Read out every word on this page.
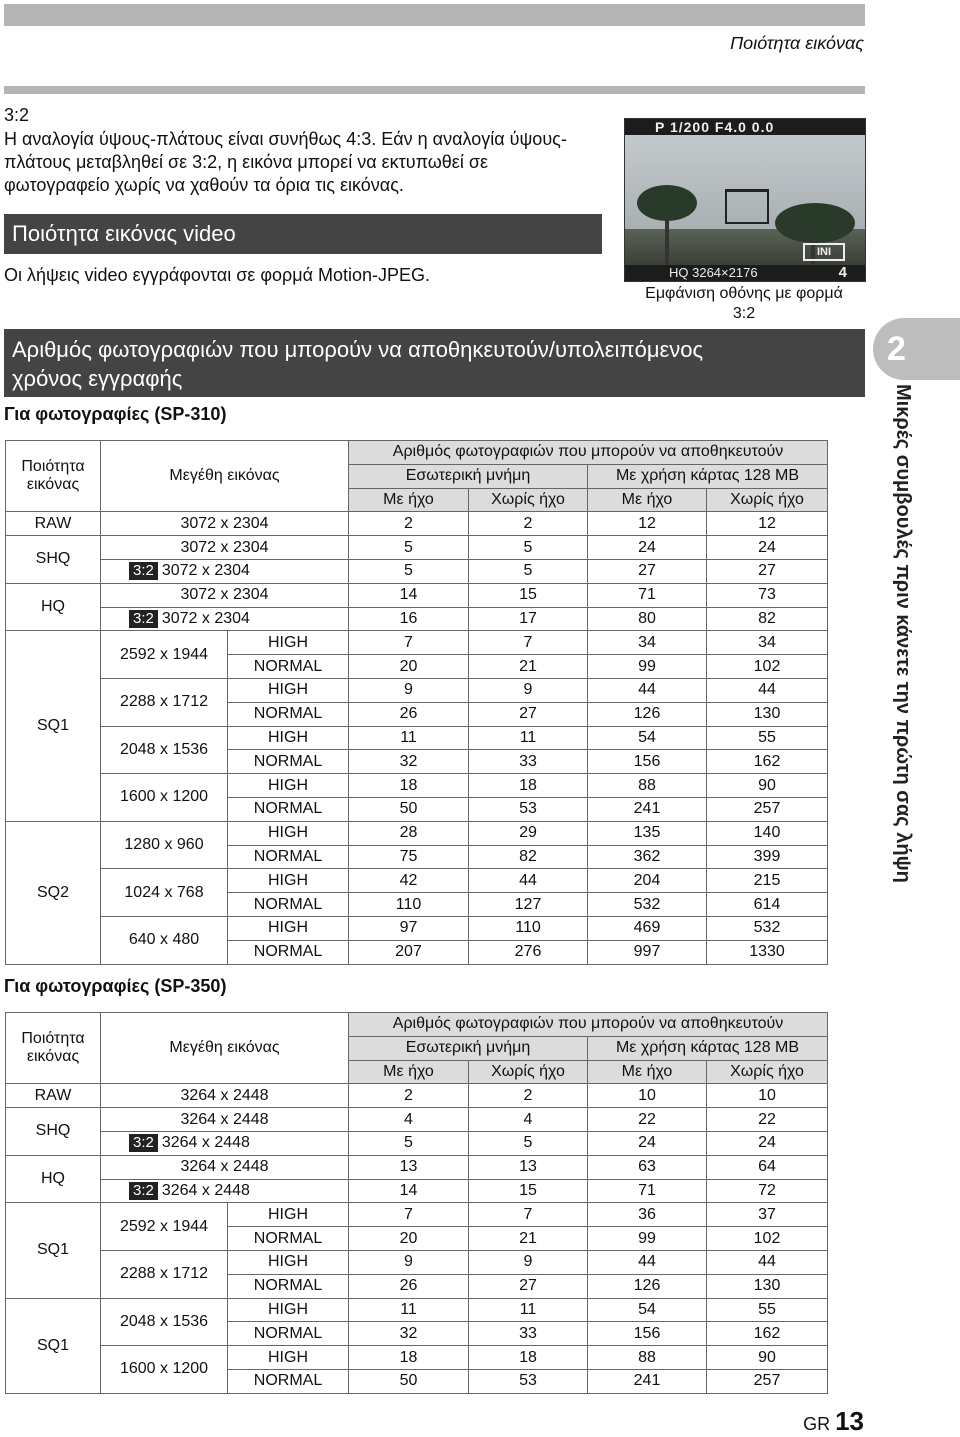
Ποιότητα εικόνας
3:2
Η αναλογία ύψους-πλάτους είναι συνήθως 4:3. Εάν η αναλογία ύψους-
πλάτους μεταβληθεί σε 3:2, η εικόνα μπορεί να εκτυπωθεί σε
φωτογραφείο χωρίς να χαθούν τα όρια τις εικόνας.
Ποιότητα εικόνας video
Οι λήψεις video εγγράφονται σε φορμά Motion-JPEG.
P 1/200 F4.0 0.0
INI
HQ 3264×2176	4
Εμφάνιση οθόνης με φορμά
3:2
Αριθμός φωτογραφιών που μπορούν να αποθηκευτούν/υπολειπόμενος
χρόνος εγγραφής
Για φωτογραφίες (SP-310)
Ποιότητα
εικόνας	Μεγέθη εικόνας		Αριθμός φωτογραφιών που μπορούν να αποθηκευτούν			
			Εσωτερική μνήμη		Με χρήση κάρτας 128 MB	
			Με ήχο	Χωρίς ήχο	Με ήχο	Χωρίς ήχο
RAW	3072 x 2304		2	2	12	12
SHQ	3072 x 2304		5	5	24	24
	3:2 3072 x 2304		5	5	27	27
HQ	3072 x 2304		14	15	71	73
	3:2 3072 x 2304		16	17	80	82
SQ1	2592 x 1944	HIGH	7	7	34	34
		NORMAL	20	21	99	102
	2288 x 1712	HIGH	9	9	44	44
		NORMAL	26	27	126	130
	2048 x 1536	HIGH	11	11	54	55
		NORMAL	32	33	156	162
	1600 x 1200	HIGH	18	18	88	90
		NORMAL	50	53	241	257
SQ2	1280 x 960	HIGH	28	29	135	140
		NORMAL	75	82	362	399
	1024 x 768	HIGH	42	44	204	215
		NORMAL	110	127	532	614
	640 x 480	HIGH	97	110	469	532
		NORMAL	207	276	997	1330
Για φωτογραφίες (SP-350)
Ποιότητα
εικόνας	Μεγέθη εικόνας		Αριθμός φωτογραφιών που μπορούν να αποθηκευτούν			
			Εσωτερική μνήμη		Με χρήση κάρτας 128 MB	
			Με ήχο	Χωρίς ήχο	Με ήχο	Χωρίς ήχο
RAW	3264 x 2448		2	2	10	10
SHQ	3264 x 2448		4	4	22	22
	3:2 3264 x 2448		5	5	24	24
HQ	3264 x 2448		13	13	63	64
	3:2 3264 x 2448		14	15	71	72
SQ1	2592 x 1944	HIGH	7	7	36	37
		NORMAL	20	21	99	102
	2288 x 1712	HIGH	9	9	44	44
		NORMAL	26	27	126	130
SQ1	2048 x 1536	HIGH	11	11	54	55
		NORMAL	32	33	156	162
	1600 x 1200	HIGH	18	18	88	90
		NORMAL	50	53	241	257
2
Μικρές συμβουλές πριν κάνετε την πρώτη σας λήψη
GR 13
